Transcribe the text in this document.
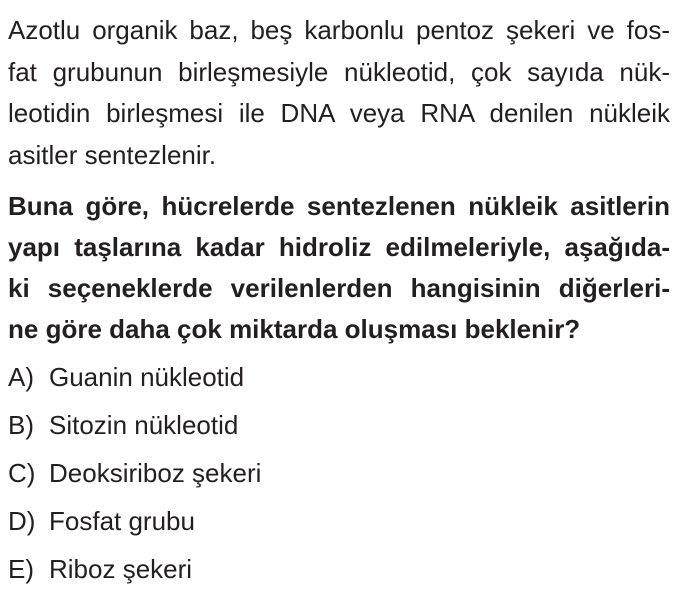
Azotlu organik baz, beş karbonlu pentoz şekeri ve fos-
fat grubunun birleşmesiyle nükleotid, çok sayıda nük-
leotidin birleşmesi ile DNA veya RNA denilen nükleik
asitler sentezlenir.
Buna göre, hücrelerde sentezlenen nükleik asitlerin
yapı taşlarına kadar hidroliz edilmeleriyle, aşağıda-
ki seçeneklerde verilenlerden hangisinin diğerleri-
ne göre daha çok miktarda oluşması beklenir?
A) Guanin nükleotid
B) Sitozin nükleotid
C) Deoksiriboz şekeri
D) Fosfat grubu
E) Riboz şekeri
